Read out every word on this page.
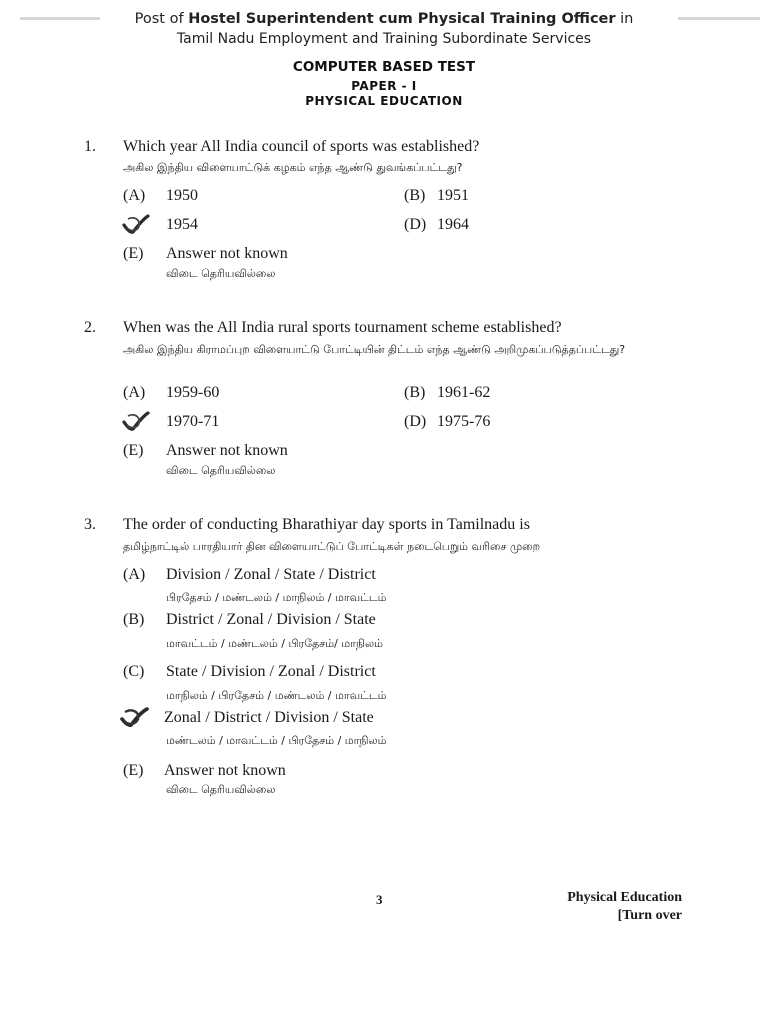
Post of Hostel Superintendent cum Physical Training Officer in
Tamil Nadu Employment and Training Subordinate Services
COMPUTER BASED TEST
PAPER - I
PHYSICAL EDUCATION
1. Which year All India council of sports was established?
அகில இந்திய விளையாட்டுக் கழகம் எந்த ஆண்டு துவங்கப்பட்டது?
(A) 1950	(B) 1951
1954	(D) 1964
(E) Answer not known
விடை தெரியவில்லை
2. When was the All India rural sports tournament scheme established?
அகில இந்திய கிராமப்புற விளையாட்டு போட்டியின் திட்டம் எந்த ஆண்டு அறிமுகப்படுத்தப்பட்டது?
(A) 1959-60	(B) 1961-62
1970-71	(D) 1975-76
(E) Answer not known
விடை தெரியவில்லை
3. The order of conducting Bharathiyar day sports in Tamilnadu is
தமிழ்நாட்டில் பாரதியார் தின விளையாட்டுப் போட்டிகள் நடைபெறும் வரிசை முறை
(A) Division / Zonal / State / District
பிரதேசம் / மண்டலம் / மாநிலம் / மாவட்டம்
(B) District / Zonal / Division / State
மாவட்டம் / மண்டலம் / பிரதேசம்/ மாநிலம்
(C) State / Division / Zonal / District
மாநிலம் / பிரதேசம் / மண்டலம் / மாவட்டம்
Zonal / District / Division / State
மண்டலம் / மாவட்டம் / பிரதேசம் / மாநிலம்
(E) Answer not known
விடை தெரியவில்லை
3	Physical Education
[Turn over
